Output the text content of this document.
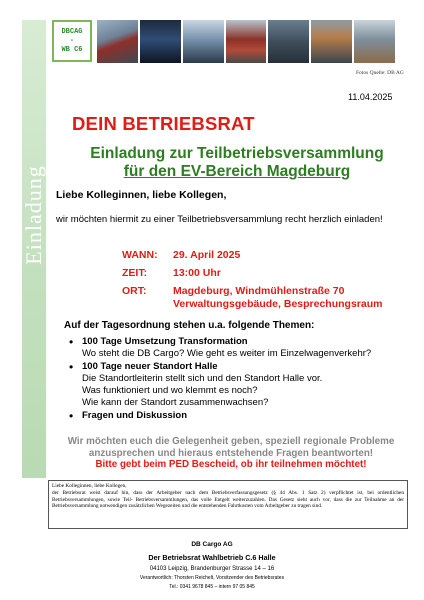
Einladung
DBCAG
-
WB C6
Fotos Quelle: DB AG
11.04.2025
DEIN BETRIEBSRAT
Einladung zur Teilbetriebsversammlung
für den EV-Bereich Magdeburg
Liebe Kolleginnen, liebe Kollegen,
wir möchten hiermit zu einer Teilbetriebsversammlung recht herzlich einladen!
WANN:	29. April 2025
ZEIT:	13:00 Uhr
ORT:	Magdeburg, Windmühlenstraße 70
Verwaltungsgebäude, Besprechungsraum
Auf der Tagesordnung stehen u.a. folgende Themen:
• 100 Tage Umsetzung Transformation
Wo steht die DB Cargo? Wie geht es weiter im Einzelwagenverkehr?
• 100 Tage neuer Standort Halle
Die Standortleiterin stellt sich und den Standort Halle vor.
Was funktioniert und wo klemmt es noch?
Wie kann der Standort zusammenwachsen?
• Fragen und Diskussion
Wir möchten euch die Gelegenheit geben, speziell regionale Probleme anzusprechen und hieraus entstehende Fragen beantworten!
Bitte gebt beim PED Bescheid, ob ihr teilnehmen möchtet!
Liebe Kolleginnen, liebe Kollegen,
der Betriebsrat weist darauf hin, dass der Arbeitgeber nach dem Betriebsverfassungsgesetz (§ 44 Abs. 1 Satz 2) verpflichtet ist, bei ordentlichen Betriebsversammlungen, sowie Teil- Betriebsversammlungen, das volle Entgelt weiterzuzahlen. Das Gesetz sieht auch vor, dass die zur Teilnahme an der Betriebsversammlung notwendigen zusätzlichen Wegezeiten und die entstehenden Fahrtkosten vom Arbeitgeber zu tragen sind.
DB Cargo AG
Der Betriebsrat Wahlbetrieb C.6 Halle
04103 Leipzig, Brandenburger Strasse 14 – 16
Verantwortlich: Thorsten Reichelt, Vorsitzender des Betriebsrates
Tel.: 0341 9678 845 – intern 97 05 845
